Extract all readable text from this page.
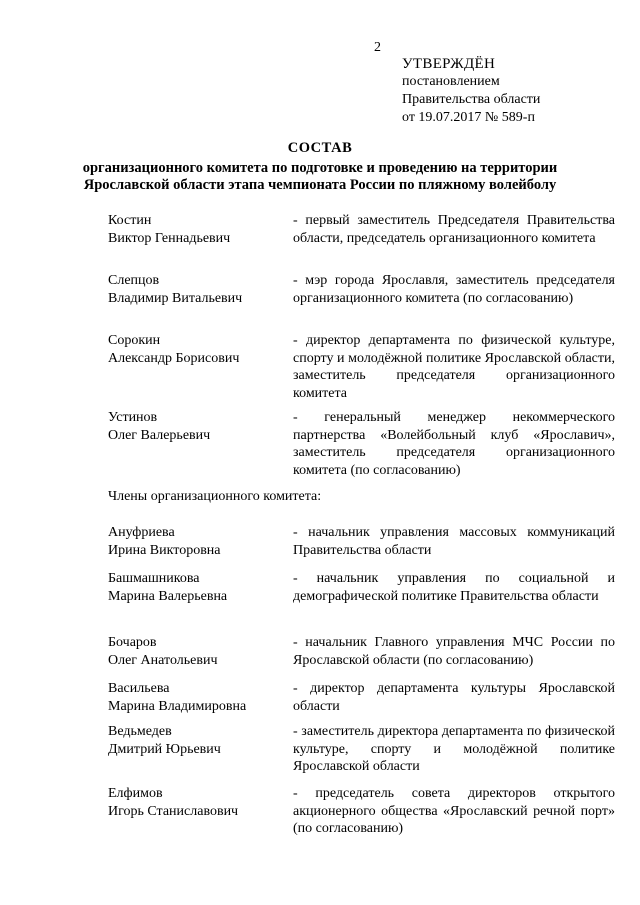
2
УТВЕРЖДЁН
постановлением
Правительства области
от 19.07.2017 № 589-п
СОСТАВ
организационного комитета по подготовке и проведению на территории
Ярославской области этапа чемпионата России по пляжному волейболу
Костин
Виктор Геннадьевич
- первый заместитель Председателя Правительства области, председатель организационного комитета
Слепцов
Владимир Витальевич
- мэр города Ярославля, заместитель председателя организационного комитета (по согласованию)
Сорокин
Александр Борисович
- директор департамента по физической культуре, спорту и молодёжной политике Ярославской области, заместитель председателя организационного комитета
Устинов
Олег Валерьевич
- генеральный менеджер некоммерческого партнерства «Волейбольный клуб «Ярославич», заместитель председателя организационного комитета (по согласованию)
Члены организационного комитета:
Ануфриева
Ирина Викторовна
- начальник управления массовых коммуникаций Правительства области
Башмашникова
Марина Валерьевна
- начальник управления по социальной и демографической политике Правительства области
Бочаров
Олег Анатольевич
- начальник Главного управления МЧС России по Ярославской области (по согласованию)
Васильева
Марина Владимировна
- директор департамента культуры Ярославской области
Ведьмедев
Дмитрий Юрьевич
- заместитель директора департамента по физической культуре, спорту и молодёжной политике Ярославской области
Елфимов
Игорь Станиславович
- председатель совета директоров открытого акционерного общества «Ярославский речной порт» (по согласованию)
